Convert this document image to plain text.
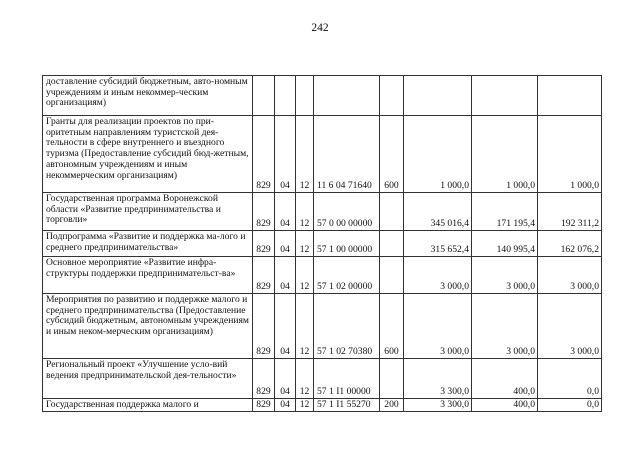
242
доставление субсидий бюджетным, авто-номным учреждениям и иным некоммер-ческим организациям)								
Гранты для реализации проектов по при-оритетным направлениям туристской дея-тельности в сфере внутреннего и въездного туризма (Предоставление субсидий бюд-жетным, автономным учреждениям и иным некоммерческим организациям)	829	04	12	11 6 04 71640	600	1 000,0	1 000,0	1 000,0
Государственная программа Воронежской области «Развитие предпринимательства и торговли»	829	04	12	57 0 00 00000		345 016,4	171 195,4	192 311,2
Подпрограмма «Развитие и поддержка ма-лого и среднего предпринимательства»	829	04	12	57 1 00 00000		315 652,4	140 995,4	162 076,2
Основное мероприятие «Развитие инфра-структуры поддержки предпринимательст-ва»	829	04	12	57 1 02 00000		3 000,0	3 000,0	3 000,0
Мероприятия по развитию и поддержке малого и среднего предпринимательства (Предоставление субсидий бюджетным, автономным учреждениям и иным неком-мерческим организациям)	829	04	12	57 1 02 70380	600	3 000,0	3 000,0	3 000,0
Региональный проект «Улучшение усло-вий ведения предпринимательской дея-тельности»	829	04	12	57 1 I1 00000		3 300,0	400,0	0,0
Государственная поддержка малого и	829	04	12	57 1 I1 55270	200	3 300,0	400,0	0,0
